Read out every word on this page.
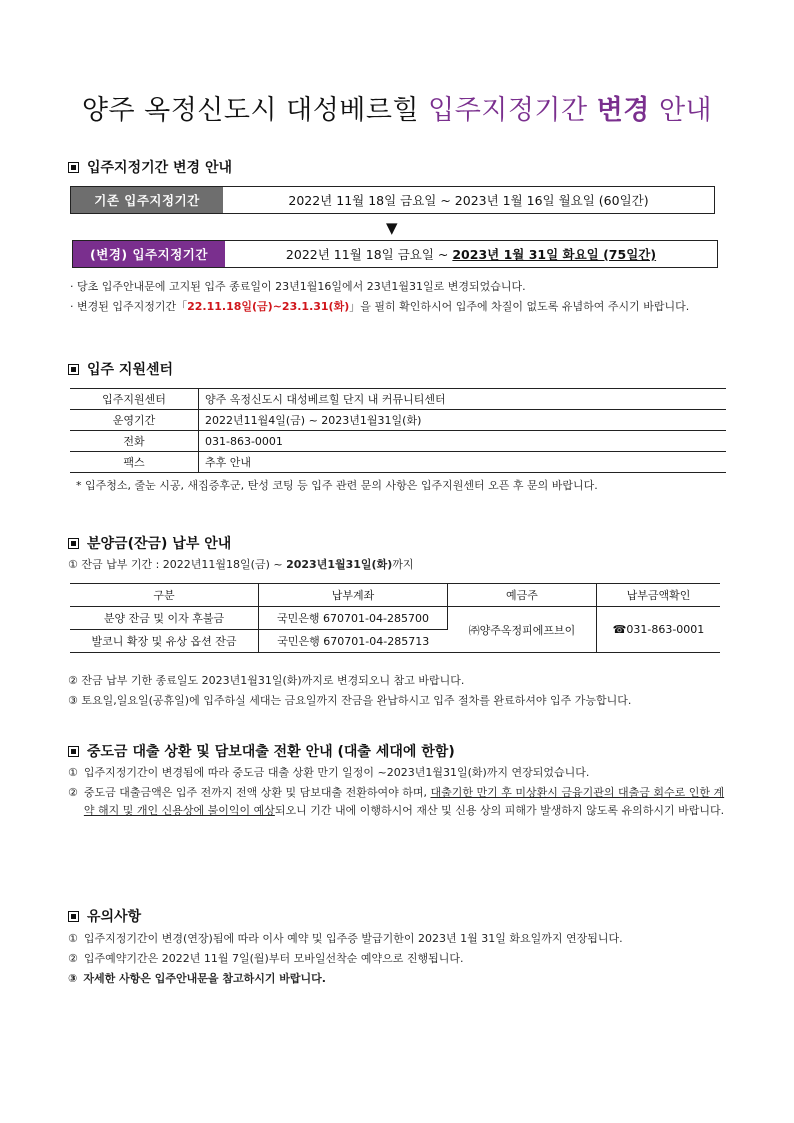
양주 옥정신도시 대성베르힐 입주지정기간 변경 안내
입주지정기간 변경 안내
기존 입주지정기간	2022년 11월 18일 금요일 ~ 2023년 1월 16일 월요일 (60일간)
▼
(변경) 입주지정기간	2022년 11월 18일 금요일 ~
2023년 1월 31일 화요일 (75일간)
· 당초 입주안내문에 고지된 입주 종료일이 23년1월16일에서 23년1월31일로 변경되었습니다.
· 변경된 입주지정기간「22.11.18일(금)~23.1.31(화)」을 필히 확인하시어 입주에 차질이 없도록 유념하여 주시기 바랍니다.
입주 지원센터
입주지원센터	양주 옥정신도시 대성베르힐 단지 내 커뮤니티센터
운영기간	2022년11월4일(금) ~ 2023년1월31일(화)
전화	031-863-0001
팩스	추후 안내
* 입주청소, 줄눈 시공, 새집증후군, 탄성 코팅 등 입주 관련 문의 사항은 입주지원센터 오픈 후 문의 바랍니다.
분양금(잔금) 납부 안내
① 잔금 납부 기간 : 2022년11월18일(금) ~ 2023년1월31일(화)까지
구분	납부계좌	예금주	납부금액확인
분양 잔금 및 이자 후불금	국민은행 670701-04-285700	㈜양주옥정피에프브이	☎031-863-0001
발코니 확장 및 유상 옵션 잔금	국민은행 670701-04-285713		
② 잔금 납부 기한 종료일도 2023년1월31일(화)까지로 변경되오니 참고 바랍니다.
③ 토요일,일요일(공휴일)에 입주하실 세대는 금요일까지 잔금을 완납하시고 입주 절차를 완료하셔야 입주 가능합니다.
중도금 대출 상환 및 담보대출 전환 안내 (대출 세대에 한함)
① 입주지정기간이 변경됨에 따라 중도금 대출 상환 만기 일정이 ~2023년1월31일(화)까지 연장되었습니다.
② 중도금 대출금액은 입주 전까지 전액 상환 및 담보대출 전환하여야 하며, 대출기한 만기 후 미상환시 금융기관의 대출금 회수로 인한 계약 해지 및 개인 신용상에 불이익이 예상되오니 기간 내에 이행하시어 재산 및 신용 상의 피해가 발생하지 않도록 유의하시기 바랍니다.
유의사항
① 입주지정기간이 변경(연장)됨에 따라 이사 예약 및 입주증 발급기한이 2023년 1월 31일 화요일까지 연장됩니다.
② 입주예약기간은 2022년 11월 7일(월)부터 모바일선착순 예약으로 진행됩니다.
③ 자세한 사항은 입주안내문을 참고하시기 바랍니다.
